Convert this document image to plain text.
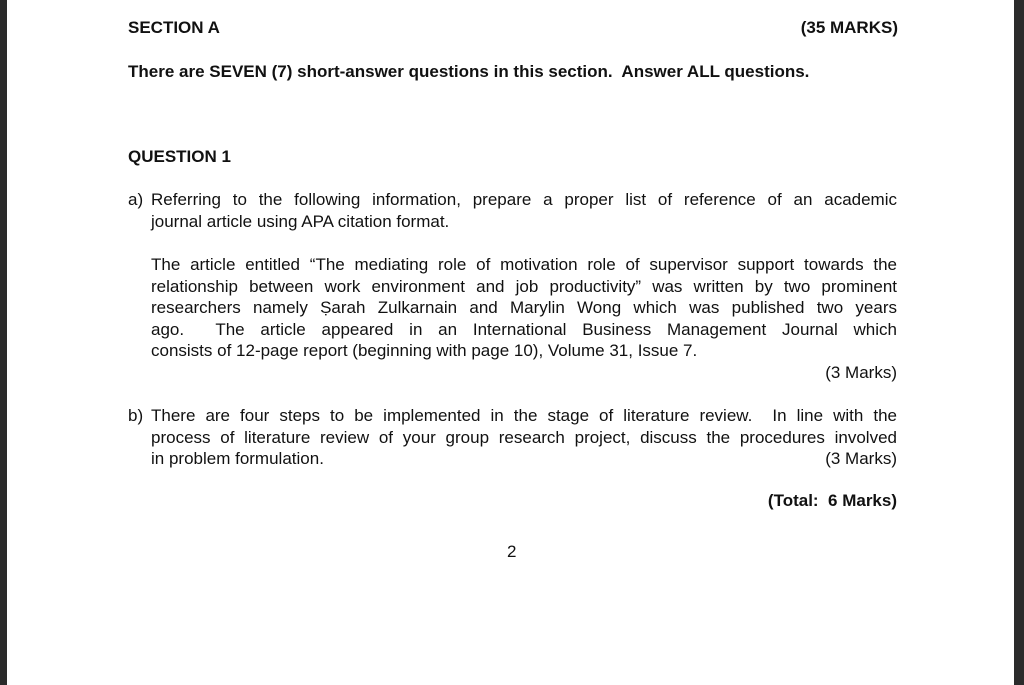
SECTION A	(35 MARKS)
There are SEVEN (7) short-answer questions in this section.  Answer ALL questions.
QUESTION 1
a) Referring to the following information, prepare a proper list of reference of an academic
journal article using APA citation format.
The article entitled “The mediating role of motivation role of supervisor support towards the
relationship between work environment and job productivity” was written by two prominent
researchers namely Ṣarah Zulkarnain and Marylin Wong which was published two years
ago.  The article appeared in an International Business Management Journal which
consists of 12-page report (beginning with page 10), Volume 31, Issue 7.
(3 Marks)
b) There are four steps to be implemented in the stage of literature review.  In line with the
process of literature review of your group research project, discuss the procedures involved
in problem formulation.	(3 Marks)
(Total:  6 Marks)
2
